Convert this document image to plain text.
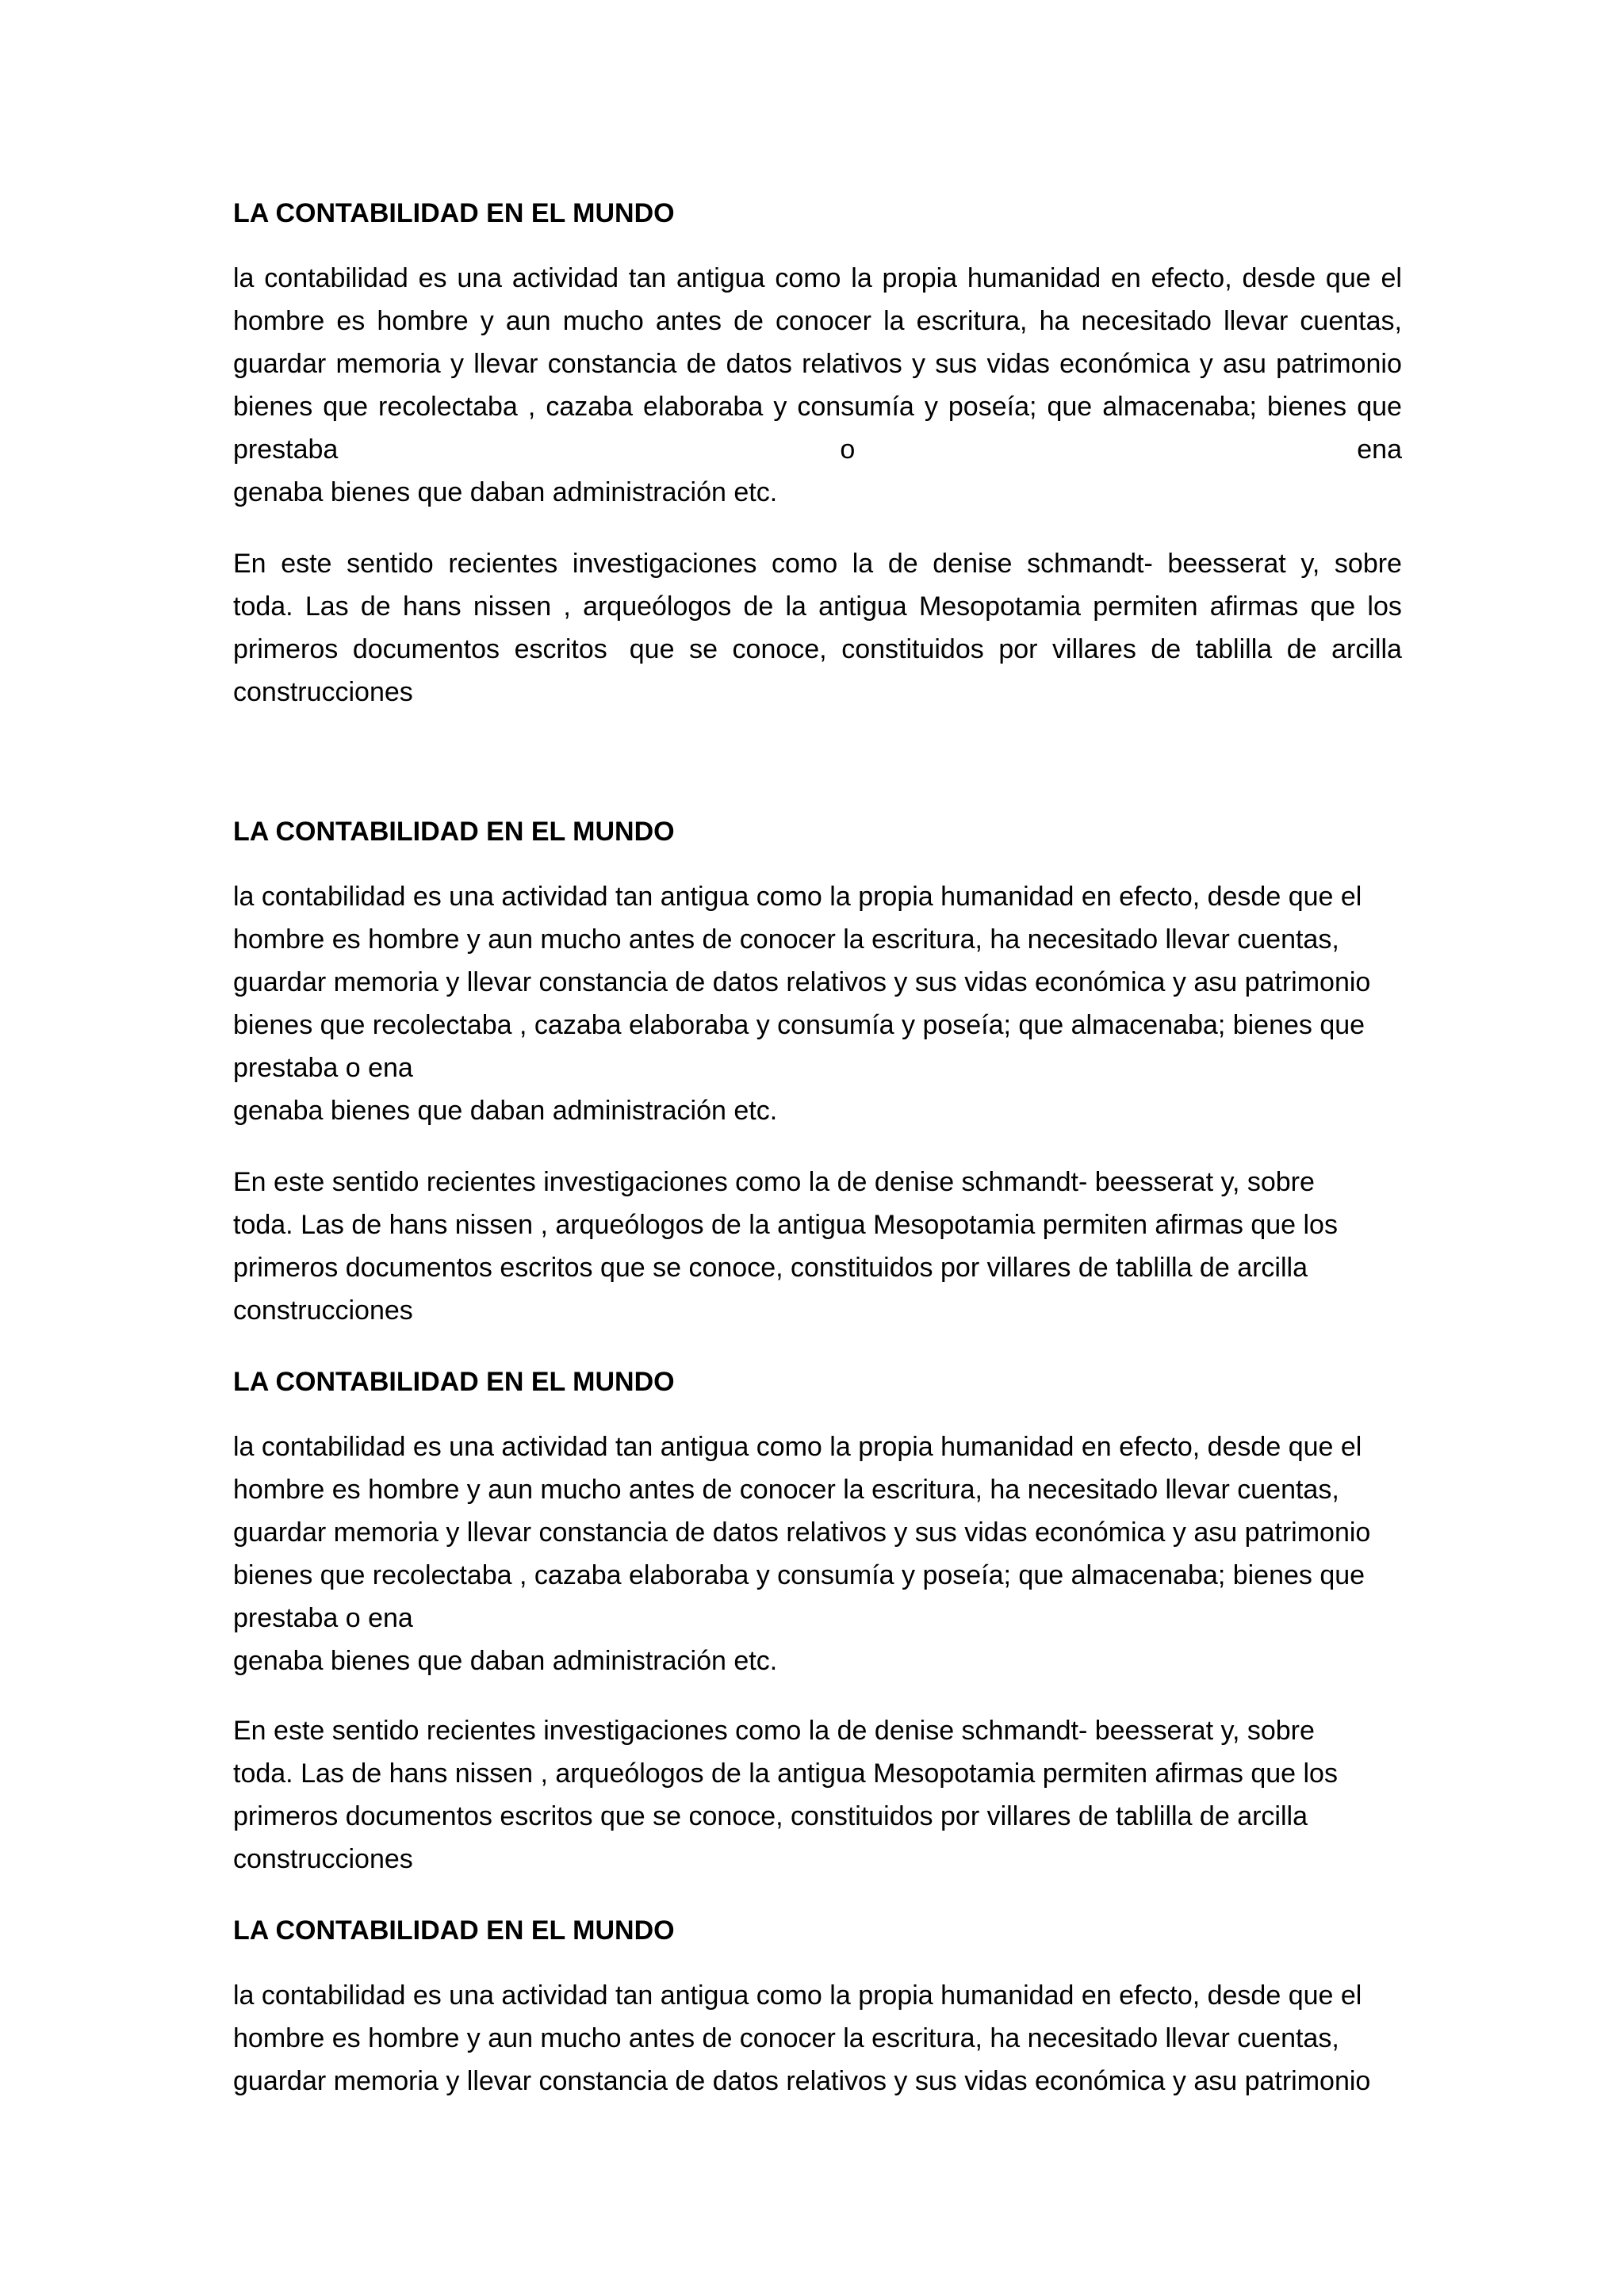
LA CONTABILIDAD EN EL MUNDO
la contabilidad es una actividad tan antigua como la propia humanidad en efecto, desde que el
hombre es hombre y aun mucho antes de conocer la escritura, ha necesitado llevar cuentas,
guardar memoria y llevar constancia de datos relativos y sus vidas económica y asu patrimonio
bienes que recolectaba , cazaba elaboraba y consumía y poseía; que almacenaba; bienes que
prestaba	o	ena
genaba bienes que daban administración etc.
En este sentido recientes investigaciones como la de denise schmandt- beesserat y, sobre
toda. Las de hans nissen , arqueólogos de la antigua Mesopotamia permiten afirmas que los
primeros documentos escritos que se conoce, constituidos por villares de tablilla de arcilla
construcciones
LA CONTABILIDAD EN EL MUNDO
la contabilidad es una actividad tan antigua como la propia humanidad en efecto, desde que el
hombre es hombre y aun mucho antes de conocer la escritura, ha necesitado llevar cuentas,
guardar memoria y llevar constancia de datos relativos y sus vidas económica y asu patrimonio
bienes que recolectaba , cazaba elaboraba y consumía y poseía; que almacenaba; bienes que
prestaba o ena
genaba bienes que daban administración etc.
En este sentido recientes investigaciones como la de denise schmandt- beesserat y, sobre
toda. Las de hans nissen , arqueólogos de la antigua Mesopotamia permiten afirmas que los
primeros documentos escritos que se conoce, constituidos por villares de tablilla de arcilla
construcciones
LA CONTABILIDAD EN EL MUNDO
la contabilidad es una actividad tan antigua como la propia humanidad en efecto, desde que el
hombre es hombre y aun mucho antes de conocer la escritura, ha necesitado llevar cuentas,
guardar memoria y llevar constancia de datos relativos y sus vidas económica y asu patrimonio
bienes que recolectaba , cazaba elaboraba y consumía y poseía; que almacenaba; bienes que
prestaba o ena
genaba bienes que daban administración etc.
En este sentido recientes investigaciones como la de denise schmandt- beesserat y, sobre
toda. Las de hans nissen , arqueólogos de la antigua Mesopotamia permiten afirmas que los
primeros documentos escritos que se conoce, constituidos por villares de tablilla de arcilla
construcciones
LA CONTABILIDAD EN EL MUNDO
la contabilidad es una actividad tan antigua como la propia humanidad en efecto, desde que el
hombre es hombre y aun mucho antes de conocer la escritura, ha necesitado llevar cuentas,
guardar memoria y llevar constancia de datos relativos y sus vidas económica y asu patrimonio
